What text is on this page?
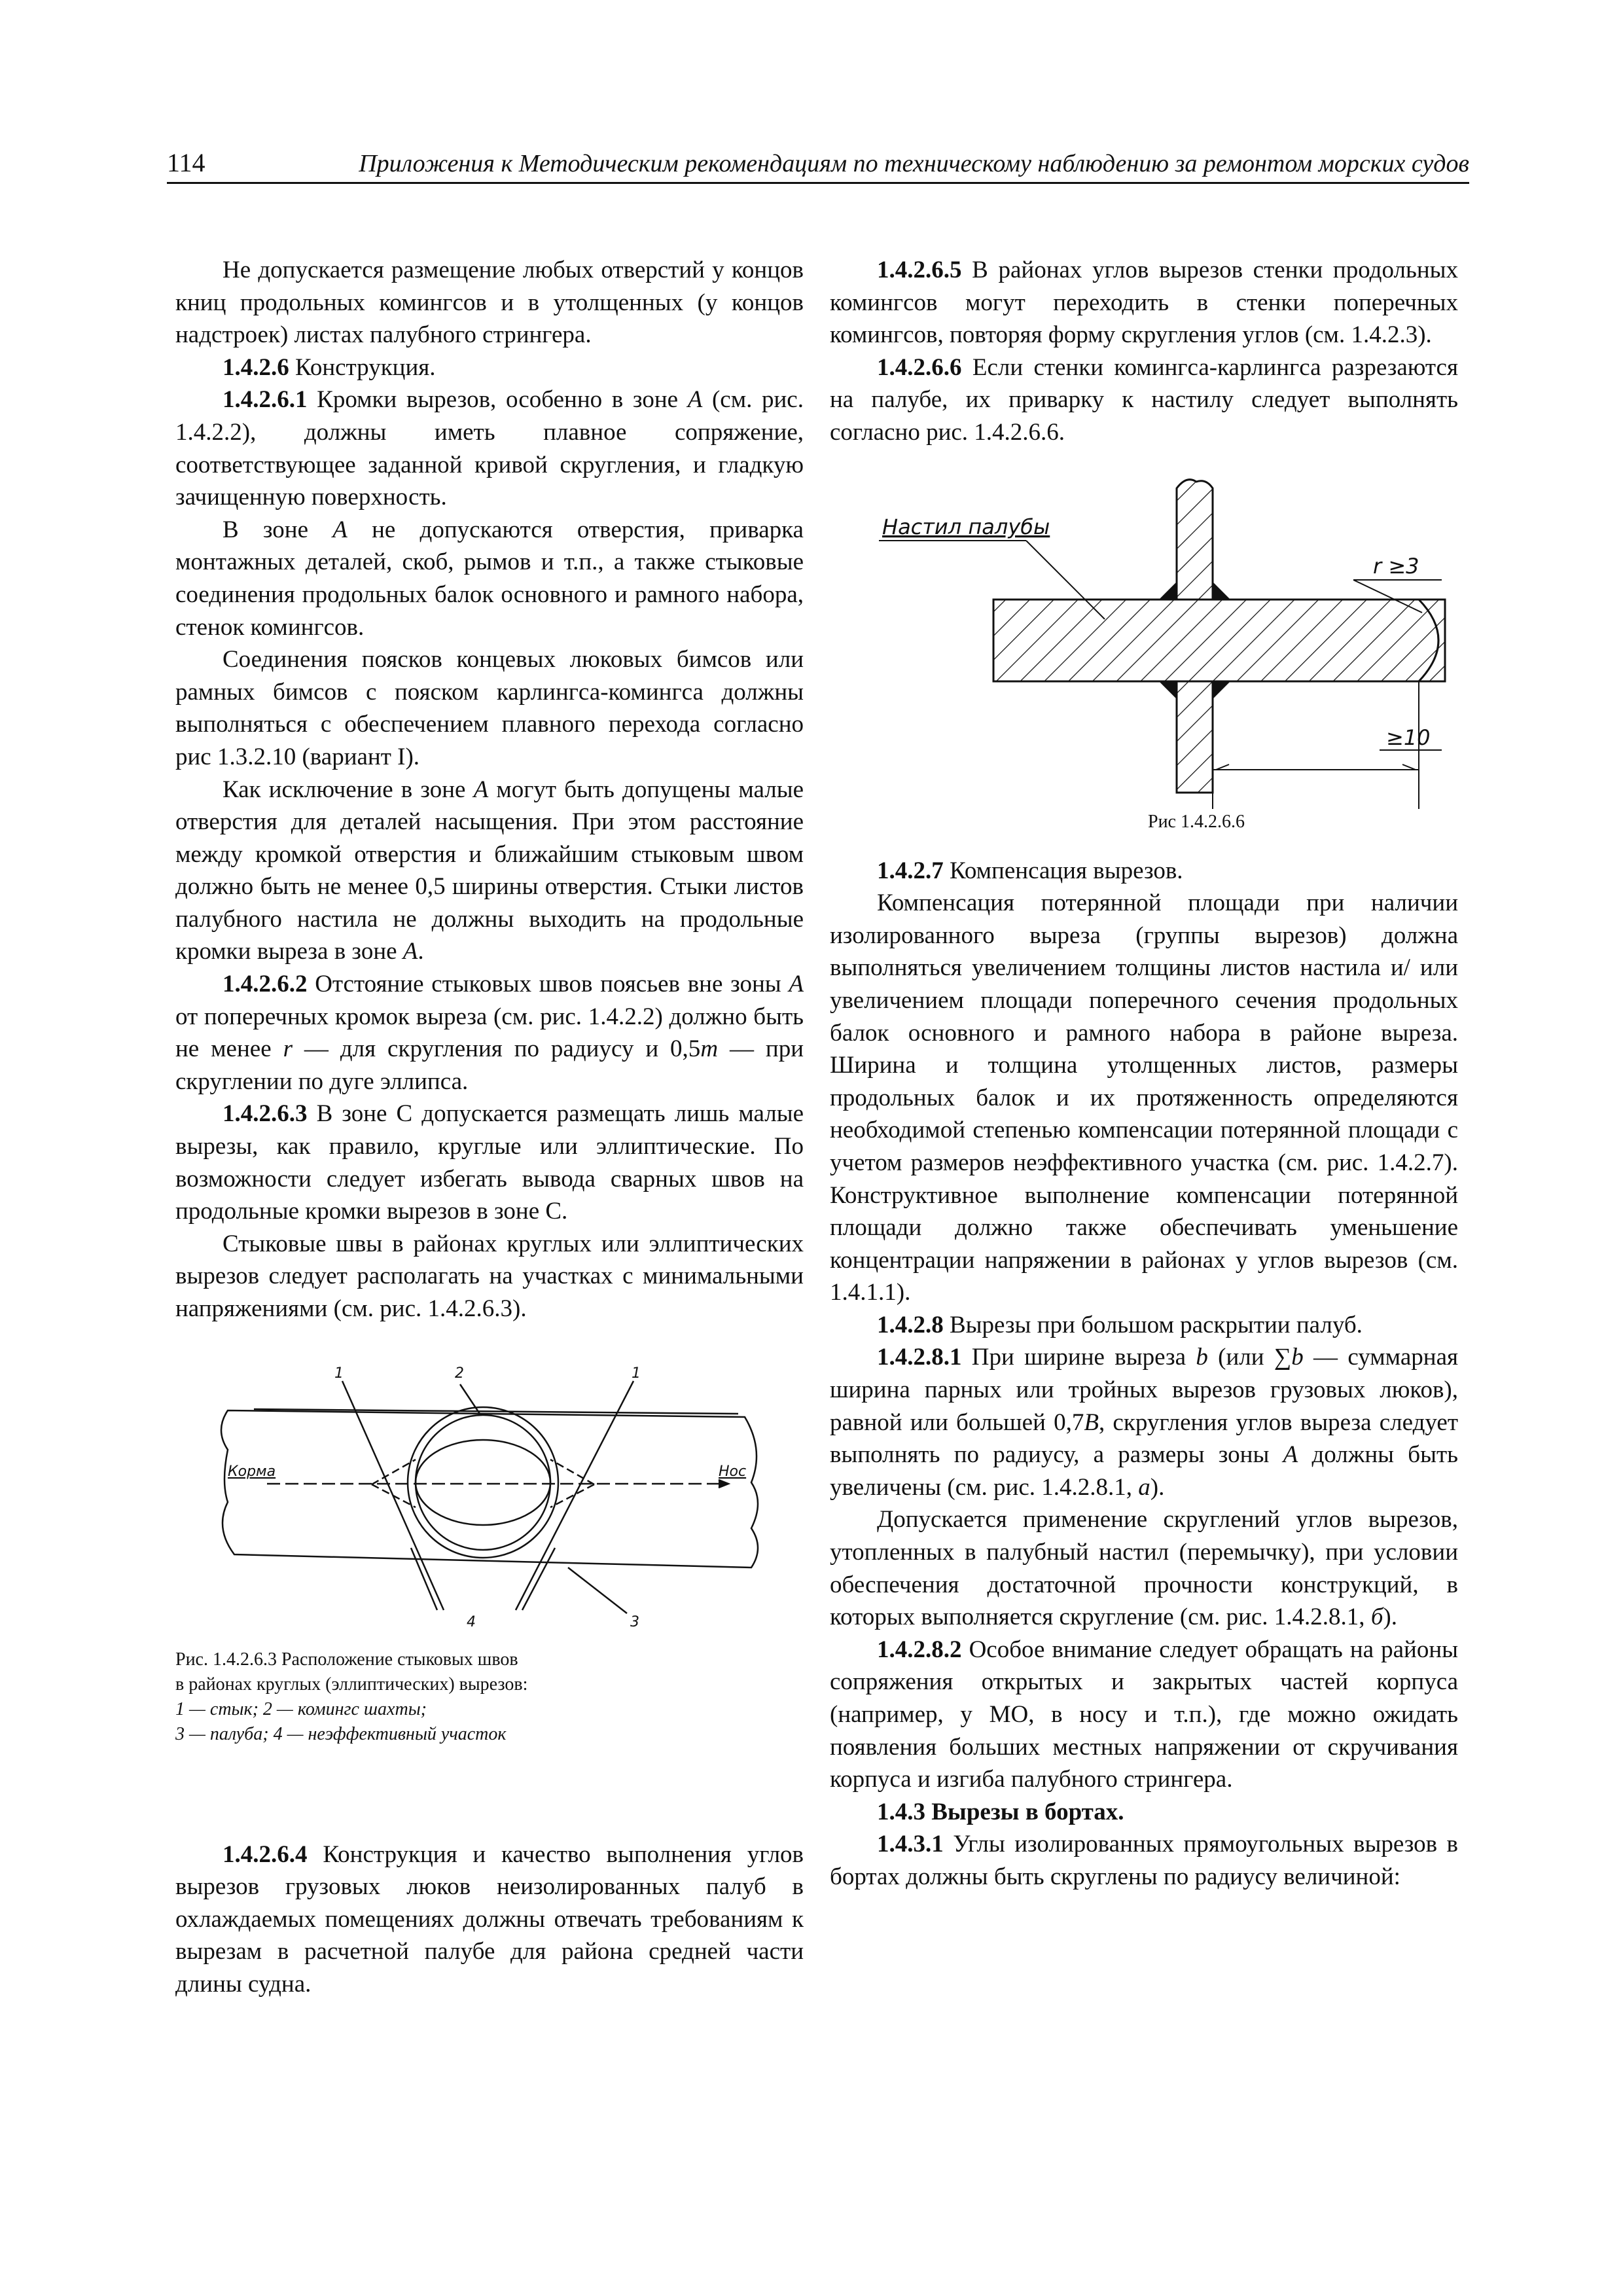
114	Приложения к Методическим рекомендациям по техническому наблюдению за ремонтом морских судов

Не допускается размещение любых отверстий у концов книц продольных комингсов и в утолщенных (у концов надстроек) листах палубного стрингера.

1.4.2.6 Конструкция.

1.4.2.6.1 Кромки вырезов, особенно в зоне А (см. рис. 1.4.2.2), должны иметь плавное сопряжение, соответствующее заданной кривой скругления, и гладкую зачищенную поверхность.

В зоне А не допускаются отверстия, приварка монтажных деталей, скоб, рымов и т.п., а также стыковые соединения продольных балок основного и рамного набора, стенок комингсов.

Соединения поясков концевых люковых бимсов или рамных бимсов с пояском карлингса-комингса должны выполняться с обеспечением плавного перехода согласно рис 1.3.2.10 (вариант I).

Как исключение в зоне А могут быть допущены малые отверстия для деталей насыщения. При этом расстояние между кромкой отверстия и ближайшим стыковым швом должно быть не менее 0,5 ширины отверстия. Стыки листов палубного настила не должны выходить на продольные кромки выреза в зоне А.

1.4.2.6.2 Отстояние стыковых швов поясьев вне зоны А от поперечных кромок выреза (см. рис. 1.4.2.2) должно быть не менее r — для скругления по радиусу и 0,5m — при скруглении по дуге эллипса.

1.4.2.6.3 В зоне С допускается размещать лишь малые вырезы, как правило, круглые или эллиптические. По возможности следует избегать вывода сварных швов на продольные кромки вырезов в зоне С.

Стыковые швы в районах круглых или эллиптических вырезов следует располагать на участках с минимальными напряжениями (см. рис. 1.4.2.6.3).

1	2	1
4	3
Корма	Нос

Рис. 1.4.2.6.3 Расположение стыковых швов
в районах круглых (эллиптических) вырезов:
1 — стык; 2 — комингс шахты;
3 — палуба; 4 — неэффективный участок

1.4.2.6.4 Конструкция и качество выполнения углов вырезов грузовых люков неизолированных палуб в охлаждаемых помещениях должны отвечать требованиям к вырезам в расчетной палубе для района средней части длины судна.

1.4.2.6.5 В районах углов вырезов стенки продольных комингсов могут переходить в стенки поперечных комингсов, повторяя форму скругления углов (см. 1.4.2.3).

1.4.2.6.6 Если стенки комингса-карлингса разрезаются на палубе, их приварку к настилу следует выполнять согласно рис. 1.4.2.6.6.

Настил палубы
r ≥3
≥10
Рис 1.4.2.6.6

1.4.2.7 Компенсация вырезов.

Компенсация потерянной площади при наличии изолированного выреза (группы вырезов) должна выполняться увеличением толщины листов настила и/ или увеличением площади поперечного сечения продольных балок основного и рамного набора в районе выреза. Ширина и толщина утолщенных листов, размеры продольных балок и их протяженность определяются необходимой степенью компенсации потерянной площади с учетом размеров неэффективного участка (см. рис. 1.4.2.7). Конструктивное выполнение компенсации потерянной площади должно также обеспечивать уменьшение концентрации напряжении в районах у углов вырезов (см. 1.4.1.1).

1.4.2.8 Вырезы при большом раскрытии палуб.

1.4.2.8.1 При ширине выреза b (или ∑b — суммарная ширина парных или тройных вырезов грузовых люков), равной или большей 0,7В, скругления углов выреза следует выполнять по радиусу, а размеры зоны А должны быть увеличены (см. рис. 1.4.2.8.1, а).

Допускается применение скруглений углов вырезов, утопленных в палубный настил (перемычку), при условии обеспечения достаточной прочности конструкций, в которых выполняется скругление (см. рис. 1.4.2.8.1, б).

1.4.2.8.2 Особое внимание следует обращать на районы сопряжения открытых и закрытых частей корпуса (например, у МО, в носу и т.п.), где можно ожидать появления больших местных напряжении от скручивания корпуса и изгиба палубного стрингера.

1.4.3 Вырезы в бортах.

1.4.3.1 Углы изолированных прямоугольных вырезов в бортах должны быть скруглены по радиусу величиной:
